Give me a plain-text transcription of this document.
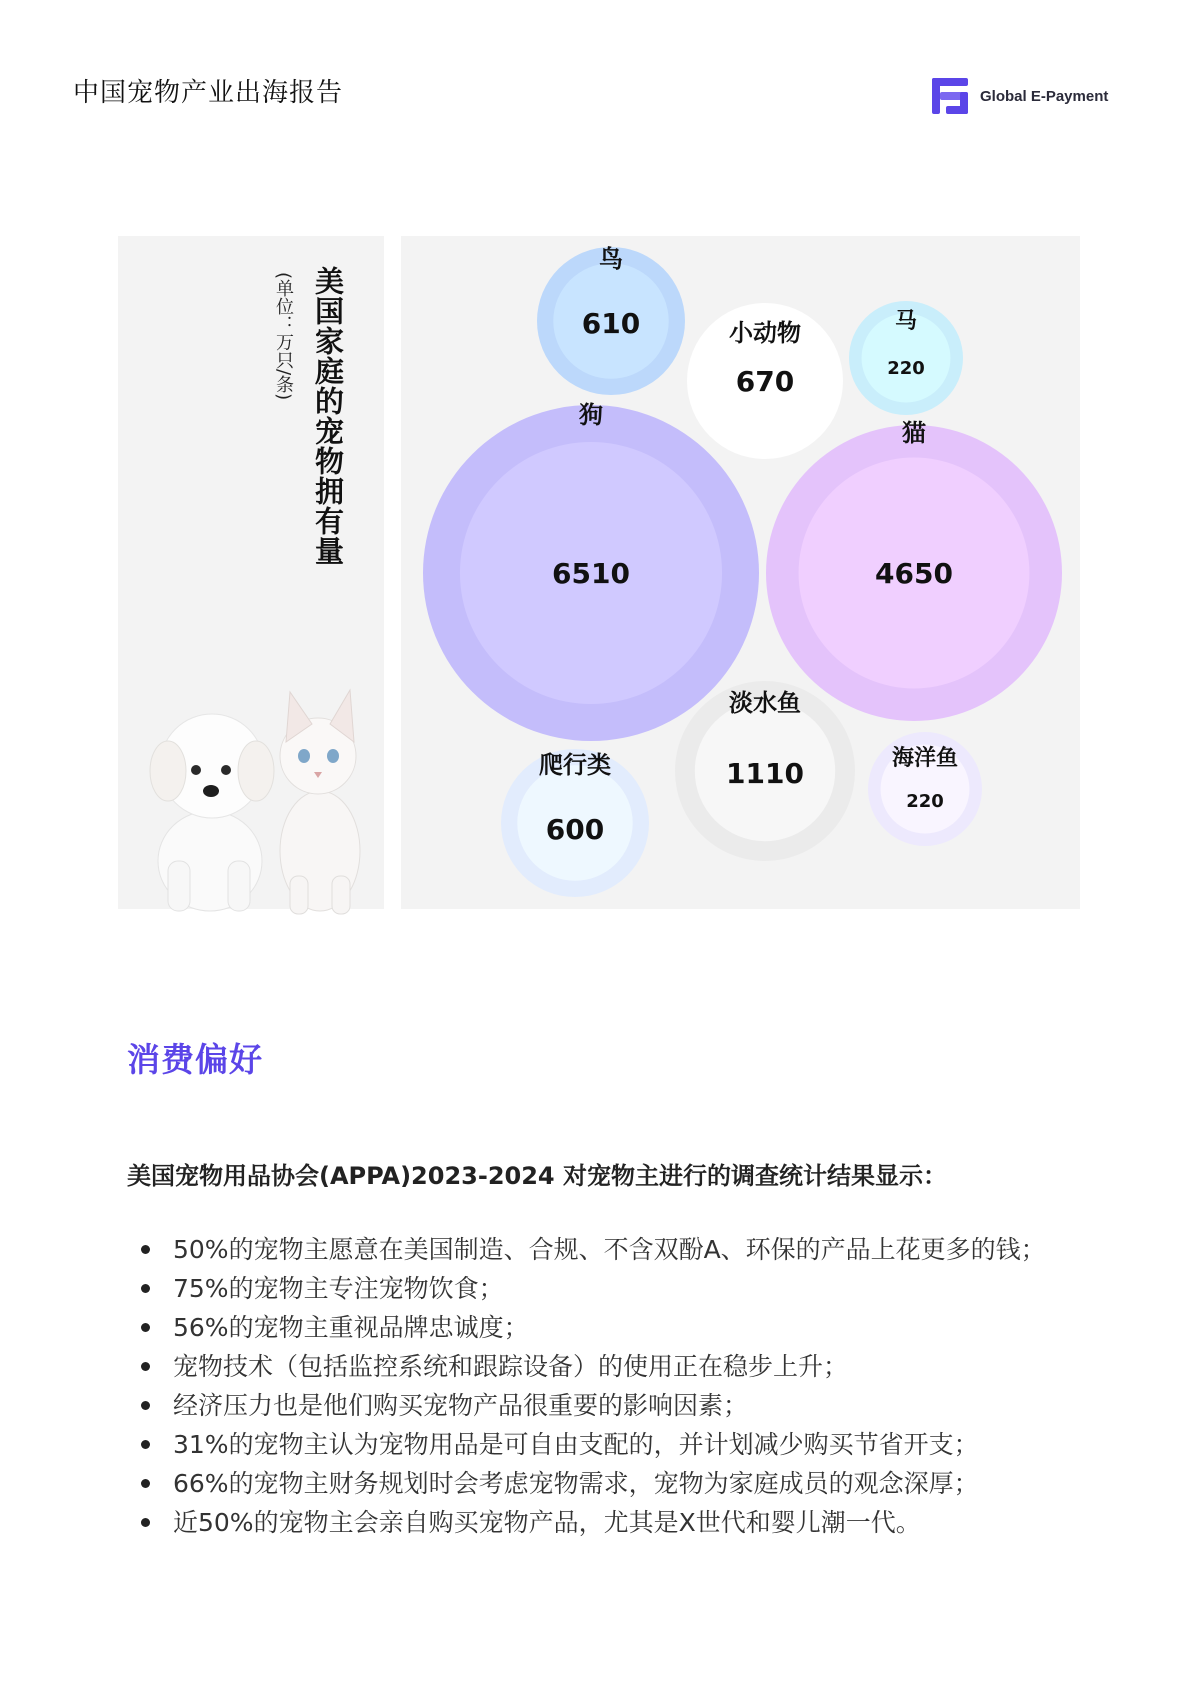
中国宠物产业出海报告	Global E-Payment
美国家庭的宠物拥有量
(单位：万只/条)
鸟
610	小动物
670
马
220
狗
6510
猫
4650
淡水鱼
1110
爬行类
600
海洋鱼
220
消费偏好
美国宠物用品协会(APPA)2023-2024 对宠物主进行的调查统计结果显示：
50%的宠物主愿意在美国制造、合规、不含双酚A、环保的产品上花更多的钱；
75%的宠物主专注宠物饮食；
56%的宠物主重视品牌忠诚度；
宠物技术（包括监控系统和跟踪设备）的使用正在稳步上升；
经济压力也是他们购买宠物产品很重要的影响因素；
31%的宠物主认为宠物用品是可自由支配的，并计划减少购买节省开支；
66%的宠物主财务规划时会考虑宠物需求，宠物为家庭成员的观念深厚；
近50%的宠物主会亲自购买宠物产品，尤其是X世代和婴儿潮一代。
